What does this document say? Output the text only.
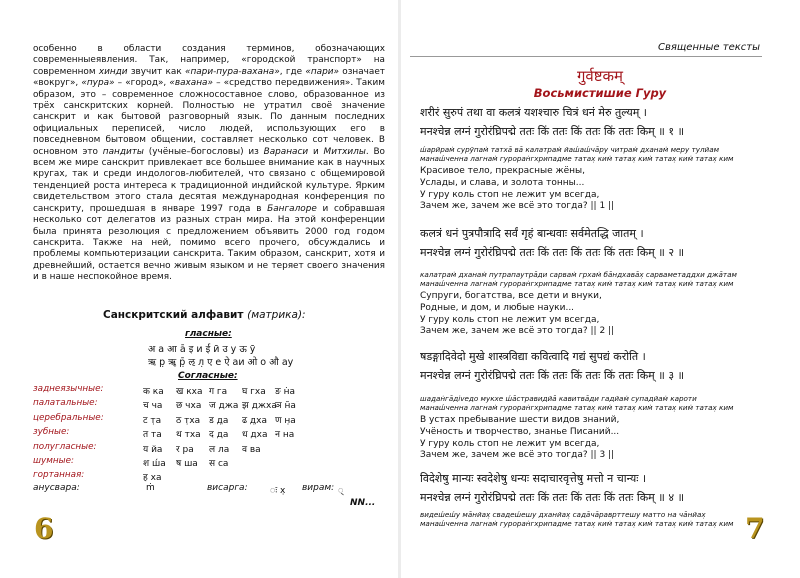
особенно в области создания терминов, обозначающих современныеявления. Так, например, «городской транспорт» на современном хинди звучит как «пари-пура-вахана», где «пари» означает «вокруг», «пура» – «город», «вахана» – «средство передвижения». Таким образом, это – современное сложносоставное слово, образованное из трёх санскритских корней. Полностью не утратил своё значение санскрит и как бытовой разговорный язык. По данным последних официальных переписей, число людей, использующих его в повседневном бытовом общении, составляет несколько сот человек. В основном это пандиты (учёные–богословы) из Варанаси и Митхилы. Во всем же мире санскрит привлекает все большее внимание как в научных кругах, так и среди индологов-любителей, что связано с общемировой тенденцией роста интереса к традиционной индийской культуре. Ярким свидетельством этого стала десятая международная конференция по санскриту, прошедшая в январе 1997 года в Бангалоре и собравшая несколько сот делегатов из разных стран мира. На этой конференции была принята резолюция с предложением объявить 2000 год годом санскрита. Также на ней, помимо всего прочего, обсуждались и проблемы компьютеризации санскрита. Таким образом, санскрит, хотя и древнейший, остается вечно живым языком и не теряет своего значения и в наше неспокойное время.
Санскритский алфавит (матрика):
гласные:
अ а आ а̄ इ и ई ӣ उ у ऊ ӯ
ऋ р̣ ॠ р̣̄ ऌ л̣ ए е ऐ аи ओ о औ ау
Согласные:
заднеязычные:	क ка ख кха ग га घ гха ङ н̇а
палатальные:	च ча छ чха ज джа झ джхаञ н̃а
церебральные:	ट т̣а ठ т̣ха ड д̣а ढ д̣ха ण н̣а
зубные:	त та थ тха द да ध дха न на
полугласные:	य йа र ра ल ла व ва
шумные:	श ш́а ष ша स са
гортанная:	ह ха
анусвара:	ṁ	висарга: ः х̣ вирам: ्
NN...
6
Священные тексты
गुर्वष्टकम्
Восьмистишие Гуру
शरीरं सुरुपं तथा वा कलत्रं यशश्चारु चित्रं धनं मेरु तुल्यम् ।
मनश्चेन्न लग्नं गुरोरंघ्रिपद्मे ततः किं ततः किं ततः किं ततः किम् ॥ १ ॥
ш́арӣрам̇ сурӯпам̇ татха̄ ва̄ калатрам̇ йаш́аш́ча̄ру читрам̇ дханам̇ меру тулйам
манаш́ченна лагнам̇ гуроран̇гхрипадме татах̣ ким̇ татах̣ ким̇ татах̣ ким̇ татах̣ ким
Красивое тело, прекрасные жёны,
Услады, и слава, и золота тонны...
У гуру коль стоп не лежит ум всегда,
Зачем же, зачем же всё это тогда? || 1 ||
कलत्रं धनं पुत्रपौत्रादि सर्वं गृहं बान्धवाः सर्वमेतद्धि जातम् ।
मनश्चेन्न लग्नं गुरोरंघ्रिपद्मे ततः किं ततः किं ततः किं ततः किम् ॥ २ ॥
калатрам̇ дханам̇ путрапаутра̄ди сарвам̇ грхам̇ ба̄ндхава̄х̣ сарваметаддхи джа̄там
манаш́ченна лагнам̇ гуроран̇гхрипадме татах̣ ким̇ татах̣ ким̇ татах̣ ким̇ татах̣ ким
Супруги, богатства, все дети и внуки,
Родные, и дом, и любые науки...
У гуру коль стоп не лежит ум всегда,
Зачем же, зачем же всё это тогда? || 2 ||
षडङ्गादिवेदो मुखे शास्त्रविद्या कवित्वादि गद्यं सुपद्यं करोति ।
मनश्चेन्न लग्नं गुरोरंघ्रिपद्मे ततः किं ततः किं ततः किं ततः किम् ॥ ३ ॥
шад̣ан̇га̄дivедо мукхе ш́а̄стравидйа̄ кавитва̄ди гадйам̇ супадйам̇ кароти
манаш́ченна лагнам̇ гуроран̇гхрипадме татах̣ ким̇ татах̣ ким̇ татах̣ ким̇ татах̣ ким
В устах пребывание шести видов знаний,
Учёность и творчество, знанье Писаний...
У гуру коль стоп не лежит ум всегда,
Зачем же, зачем же всё это тогда? || 3 ||
विदेशेषु मान्यः स्वदेशेषु धन्यः सदाचारवृत्तेषु मत्तो न चान्यः ।
मनश्चेन्न लग्नं गुरोरंघ्रिपद्मे ततः किं ततः किं ततः किं ततः किम् ॥ ४ ॥
видеш́еш́у ма̄нйах̣ свадеш́ешу дханйах̣ садāча̄раврттешу матто на ча̄нйах̣
манаш́ченна лагнам̇ гуроран̇гхрипадме татах̣ ким̇ татах̣ ким̇ татах̣ ким̇ татах̣ ким 7
